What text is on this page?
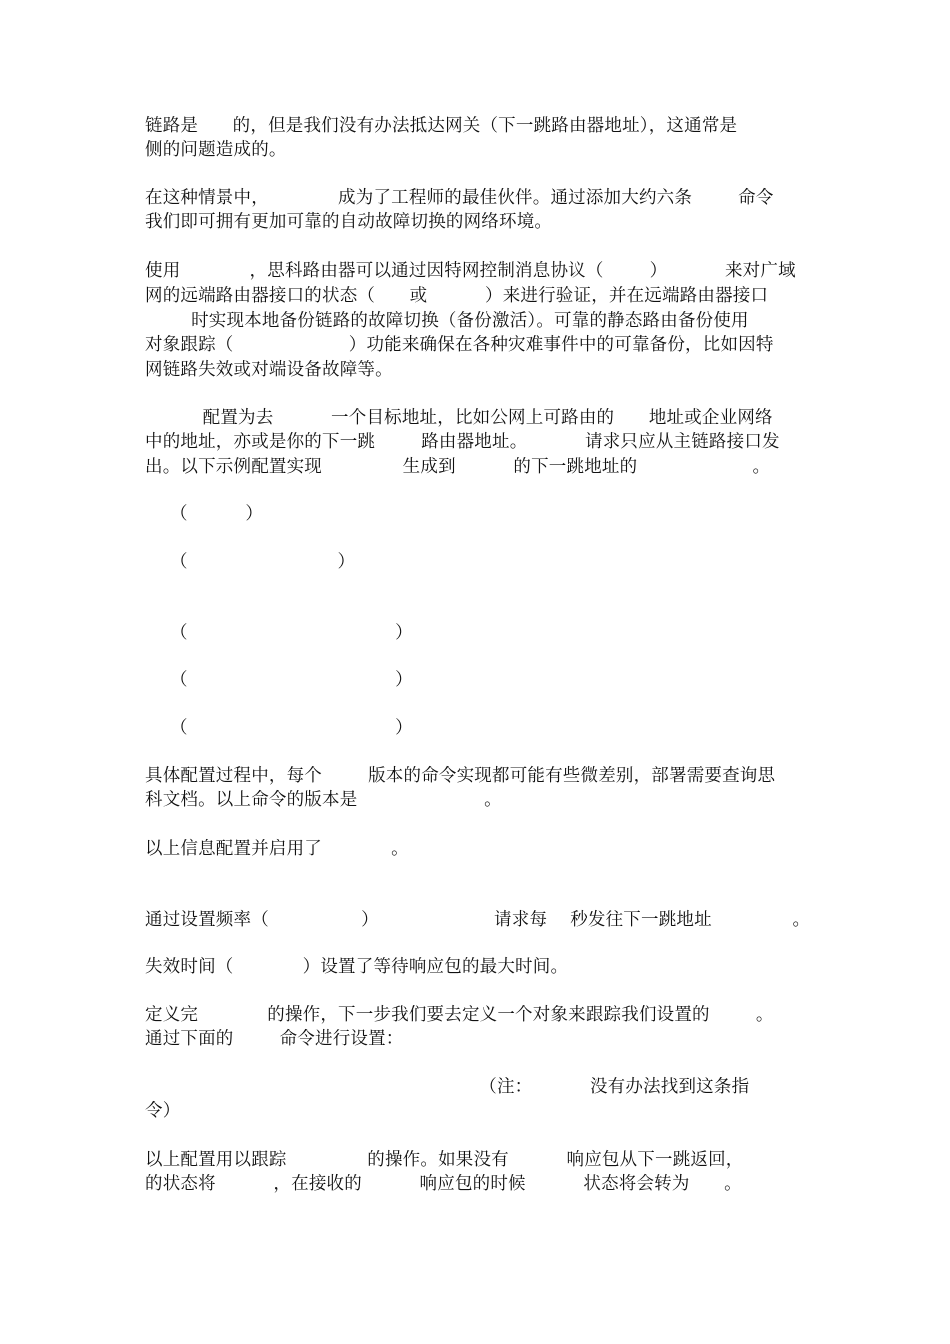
链路是      的，但是我们没有办法抵达网关（下一跳路由器地址），这通常是

侧的问题造成的。

在这种情景中，            成为了工程师的最佳伙伴。通过添加大约六条        命令

我们即可拥有更加可靠的自动故障切换的网络环境。

使用            ，思科路由器可以通过因特网控制消息协议（        ）          来对广域

网的远端路由器接口的状态（      或          ）来进行验证，并在远端路由器接口

时实现本地备份链路的故障切换（备份激活）。可靠的静态路由备份使用

对象跟踪（                    ）功能来确保在各种灾难事件中的可靠备份，比如因特

网链路失效或对端设备故障等。

配置为去          一个目标地址，比如公网上可路由的      地址或企业网络

中的地址，亦或是你的下一跳        路由器地址。          请求只应从主链路接口发

出。以下示例配置实现              生成到          的下一跳地址的                    。

（          ）

（                          ）

（                                    ）

（                                    ）

（                                    ）

具体配置过程中，每个        版本的命令实现都可能有些微差别，部署需要查询思

科文档。以上命令的版本是                      。

以上信息配置并启用了            。

通过设置频率（                ）                    请求每    秒发往下一跳地址              。

失效时间（            ）设置了等待响应包的最大时间。

定义完            的操作，下一步我们要去定义一个对象来跟踪我们设置的        。

通过下面的        命令进行设置：

（注：          没有办法找到这条指

令）

以上配置用以跟踪              的操作。如果没有          响应包从下一跳返回，

的状态将          ，在接收的          响应包的时候          状态将会转为      。
